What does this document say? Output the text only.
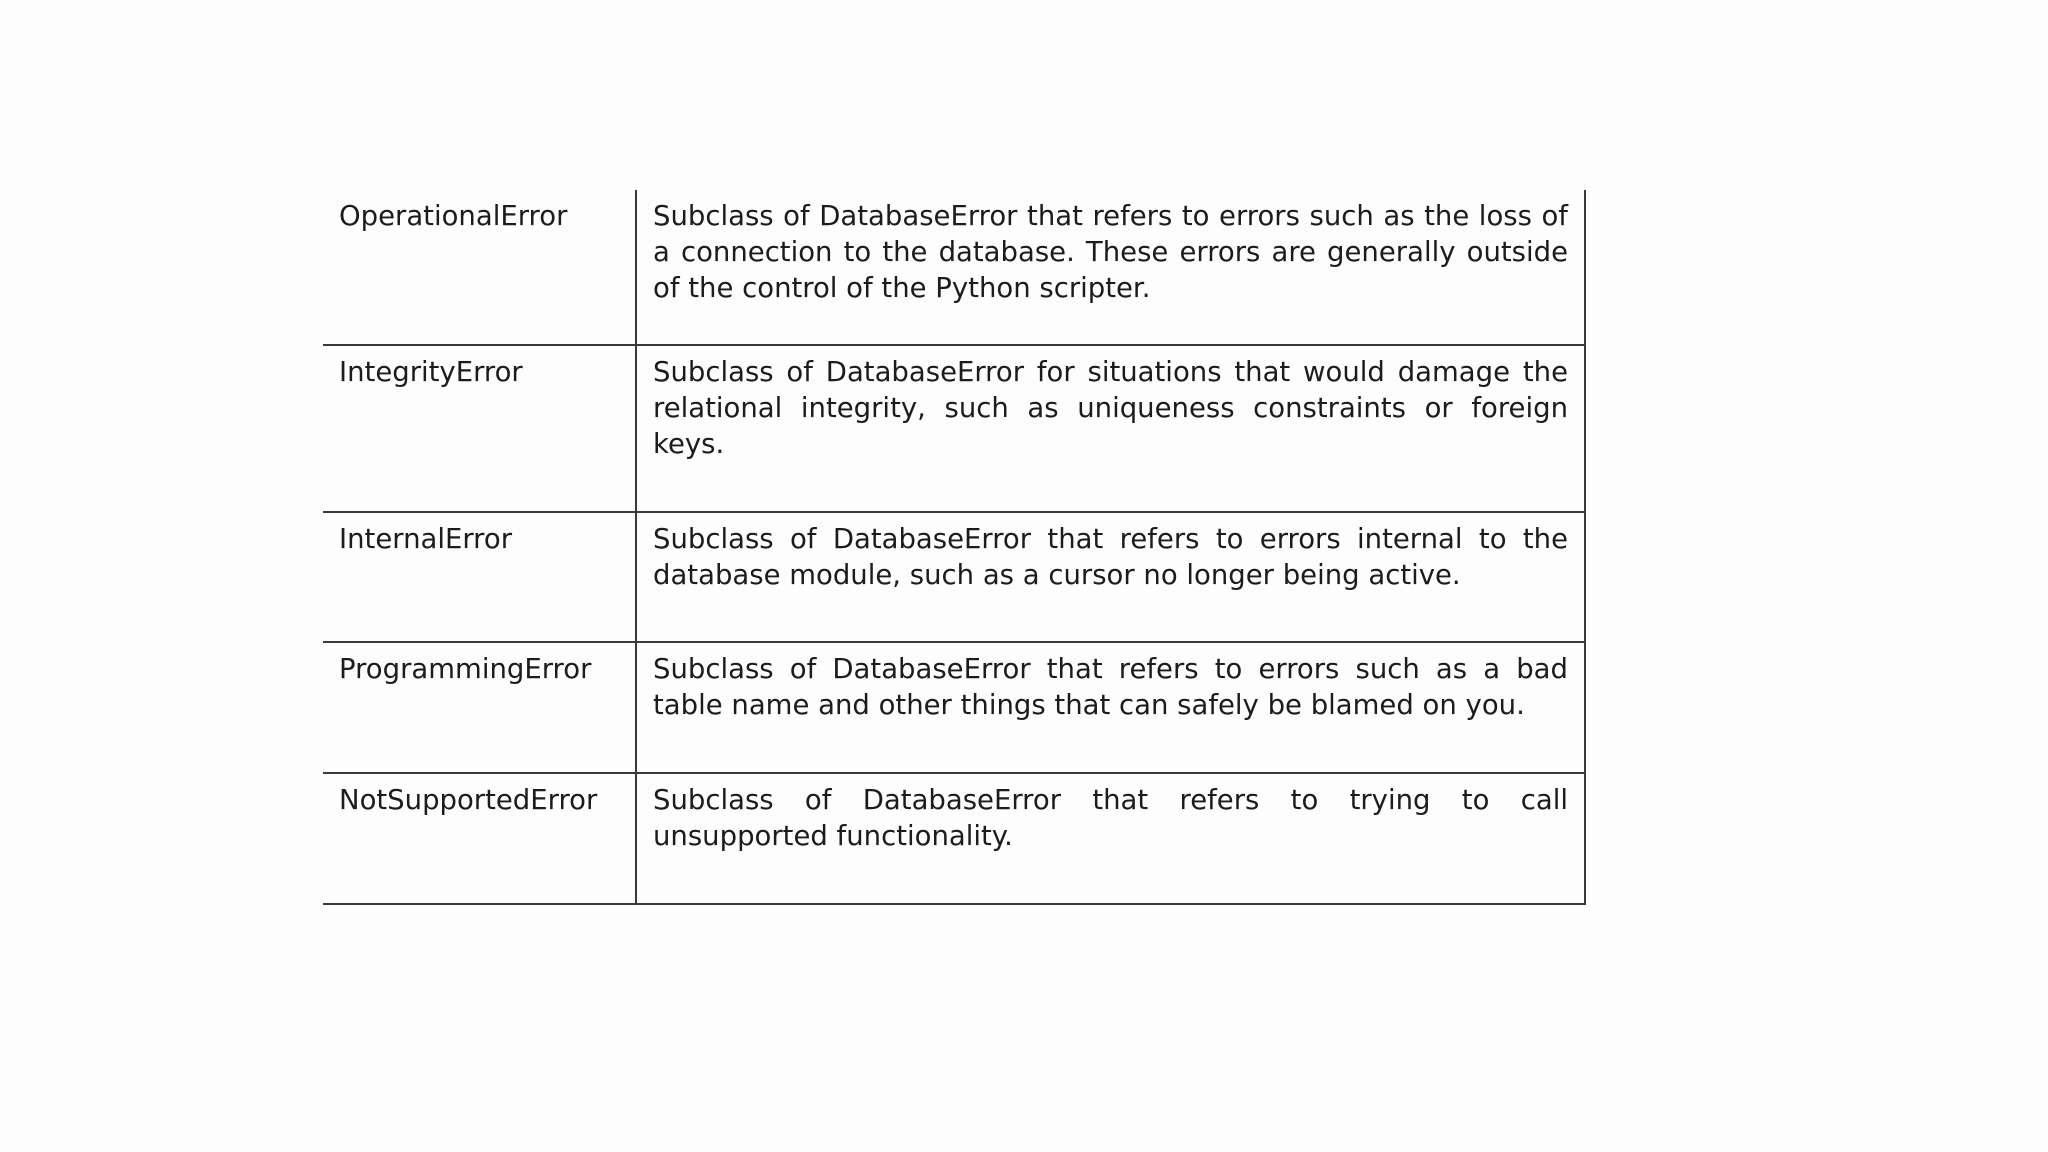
OperationalError	Subclass of DatabaseError that refers to errors such as the loss of a connection to the database. These errors are generally outside of the control of the Python scripter.
IntegrityError	Subclass of DatabaseError for situations that would damage the relational integrity, such as uniqueness constraints or foreign keys.
InternalError	Subclass of DatabaseError that refers to errors internal to the database module, such as a cursor no longer being active.
ProgrammingError	Subclass of DatabaseError that refers to errors such as a bad table name and other things that can safely be blamed on you.
NotSupportedError	Subclass of DatabaseError that refers to trying to call unsupported functionality.
